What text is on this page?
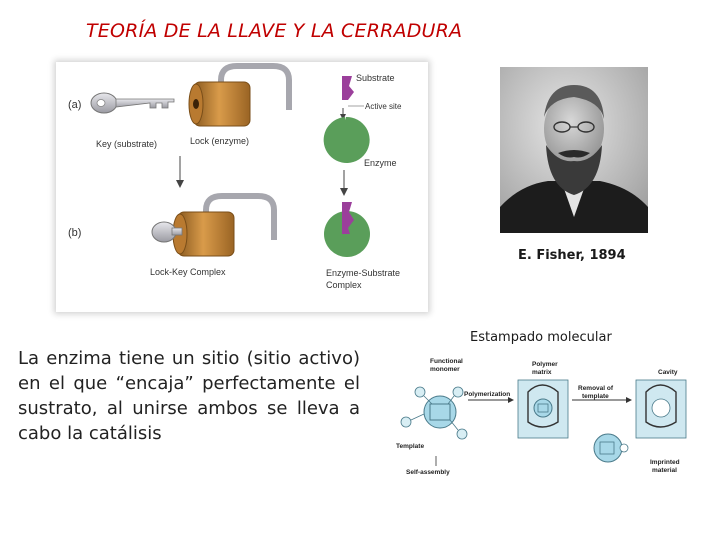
TEORÍA DE LA LLAVE Y LA CERRADURA
(a)
(b)
Key (substrate)	Lock (enzyme)
Lock-Key Complex
Substrate
Active site
Enzyme
Enzyme-Substrate
Complex
E. Fisher, 1894
Estampado molecular
La enzima tiene un sitio (sitio activo) en el que “encaja” perfectamente el sustrato, al unirse ambos se lleva a cabo la catálisis
Functional
monomer
Template
Self-assembly
Polymerization
Polymer
matrix
Removal of
template
Cavity
Imprinted
material
